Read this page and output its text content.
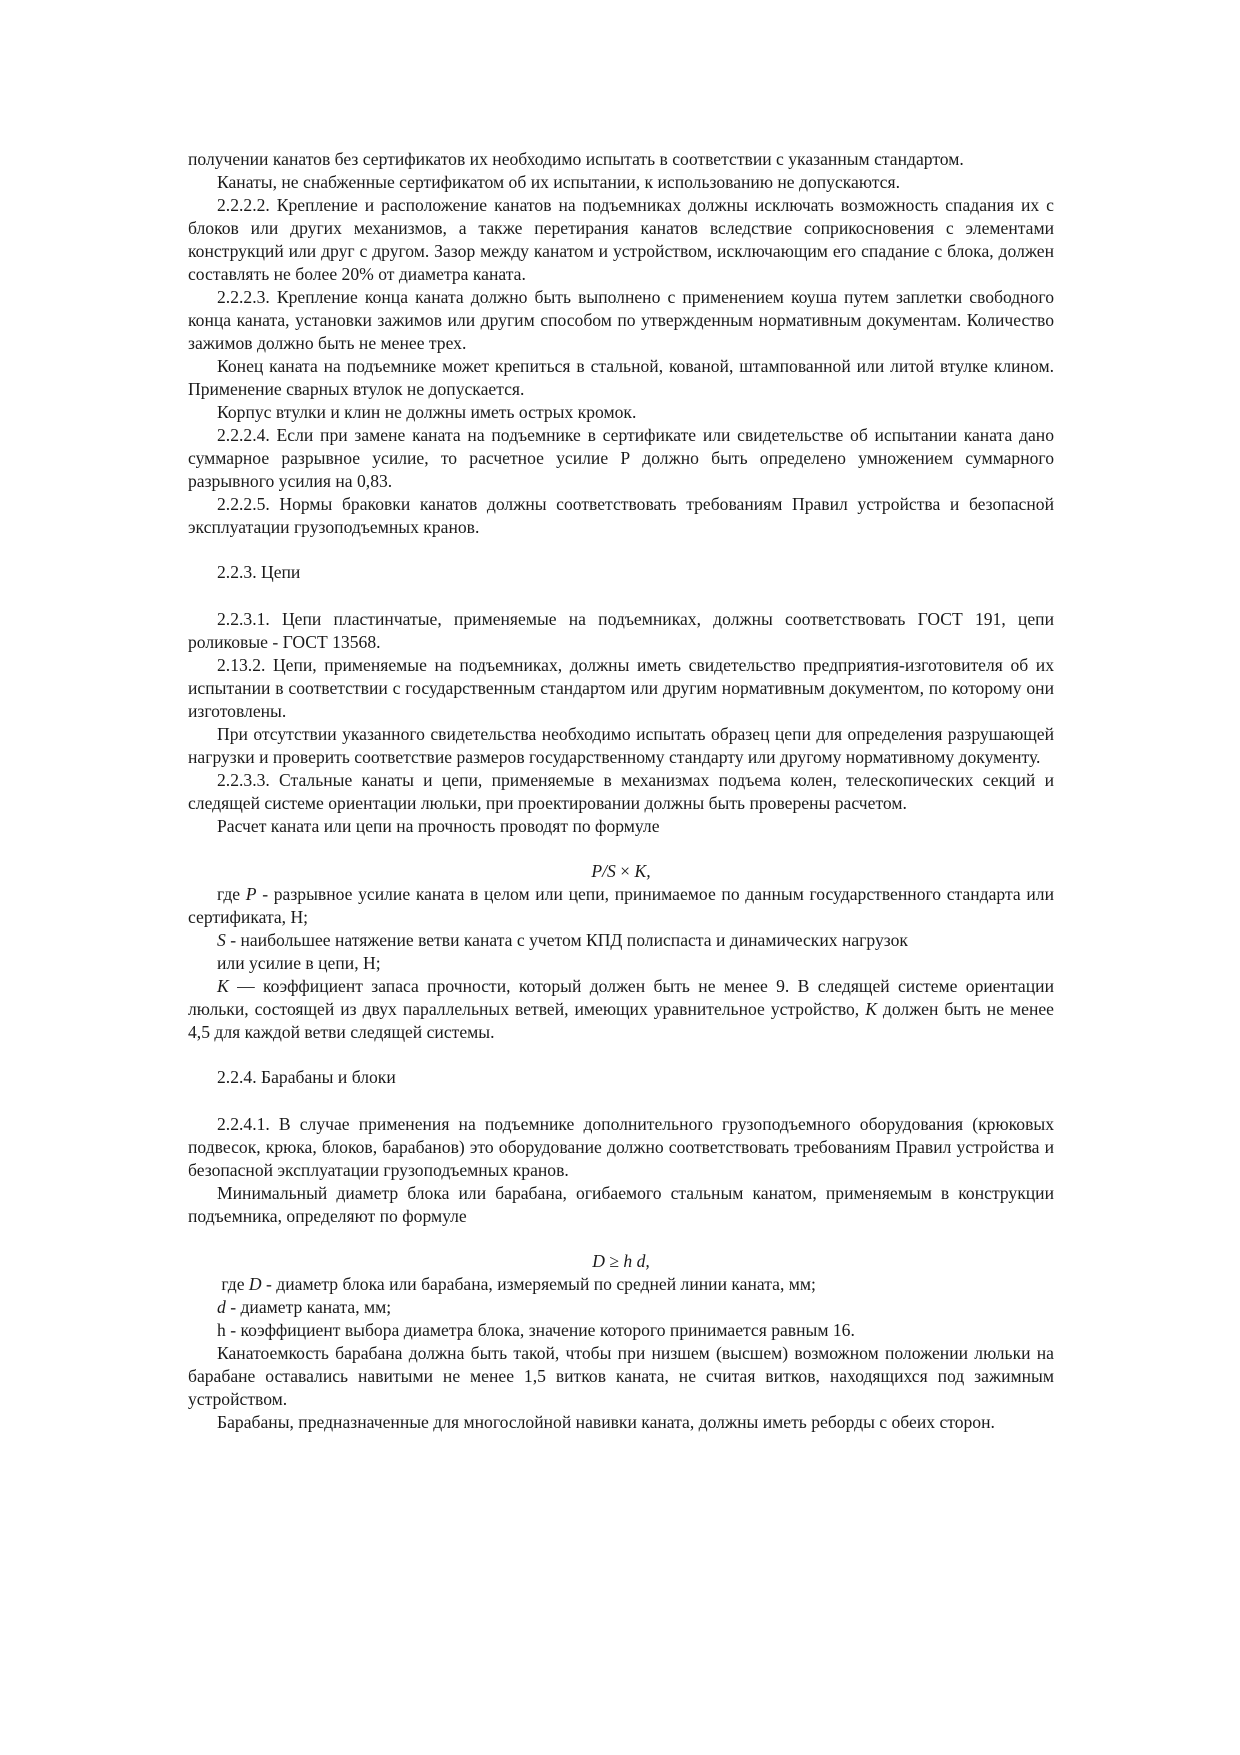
получении канатов без сертификатов их необходимо испытать в соответствии с указанным стандартом.

Канаты, не снабженные сертификатом об их испытании, к использованию не допускаются.

2.2.2.2. Крепление и расположение канатов на подъемниках должны исключать возможность спадания их с блоков или других механизмов, а также перетирания канатов вследствие соприкосновения с элементами конструкций или друг с другом. Зазор между канатом и устройством, исключающим его спадание с блока, должен составлять не более 20% от диаметра каната.

2.2.2.3. Крепление конца каната должно быть выполнено с применением коуша путем заплетки свободного конца каната, установки зажимов или другим способом по утвержденным нормативным документам. Количество зажимов должно быть не менее трех.

Конец каната на подъемнике может крепиться в стальной, кованой, штампованной или литой втулке клином. Применение сварных втулок не допускается.

Корпус втулки и клин не должны иметь острых кромок.

2.2.2.4. Если при замене каната на подъемнике в сертификате или свидетельстве об испытании каната дано суммарное разрывное усилие, то расчетное усилие Р должно быть определено умножением суммарного разрывного усилия на 0,83.

2.2.2.5. Нормы браковки канатов должны соответствовать требованиям Правил устройства и безопасной эксплуатации грузоподъемных кранов.

2.2.3. Цепи

2.2.3.1. Цепи пластинчатые, применяемые на подъемниках, должны соответствовать ГОСТ 191, цепи роликовые - ГОСТ 13568.

2.13.2. Цепи, применяемые на подъемниках, должны иметь свидетельство предприятия-изготовителя об их испытании в соответствии с государственным стандартом или другим нормативным документом, по которому они изготовлены.

При отсутствии указанного свидетельства необходимо испытать образец цепи для определения разрушающей нагрузки и проверить соответствие размеров государственному стандарту или другому нормативному документу.

2.2.3.3. Стальные канаты и цепи, применяемые в механизмах подъема колен, телескопических секций и следящей системе ориентации люльки, при проектировании должны быть проверены расчетом.

Расчет каната или цепи на прочность проводят по формуле

P/S × K,

где P - разрывное усилие каната в целом или цепи, принимаемое по данным государственного стандарта или сертификата, Н;

S - наибольшее натяжение ветви каната с учетом КПД полиспаста и динамических нагрузок

или усилие в цепи, Н;

K — коэффициент запаса прочности, который должен быть не менее 9. В следящей системе ориентации люльки, состоящей из двух параллельных ветвей, имеющих уравнительное устройство, K должен быть не менее 4,5 для каждой ветви следящей системы.

2.2.4. Барабаны и блоки

2.2.4.1. В случае применения на подъемнике дополнительного грузоподъемного оборудования (крюковых подвесок, крюка, блоков, барабанов) это оборудование должно соответствовать требованиям Правил устройства и безопасной эксплуатации грузоподъемных кранов.

Минимальный диаметр блока или барабана, огибаемого стальным канатом, применяемым в конструкции подъемника, определяют по формуле

D ≥ h d,

где D - диаметр блока или барабана, измеряемый по средней линии каната, мм;

d - диаметр каната, мм;

h - коэффициент выбора диаметра блока, значение которого принимается равным 16.

Канатоемкость барабана должна быть такой, чтобы при низшем (высшем) возможном положении люльки на барабане оставались навитыми не менее 1,5 витков каната, не считая витков, находящихся под зажимным устройством.

Барабаны, предназначенные для многослойной навивки каната, должны иметь реборды с обеих сторон.
